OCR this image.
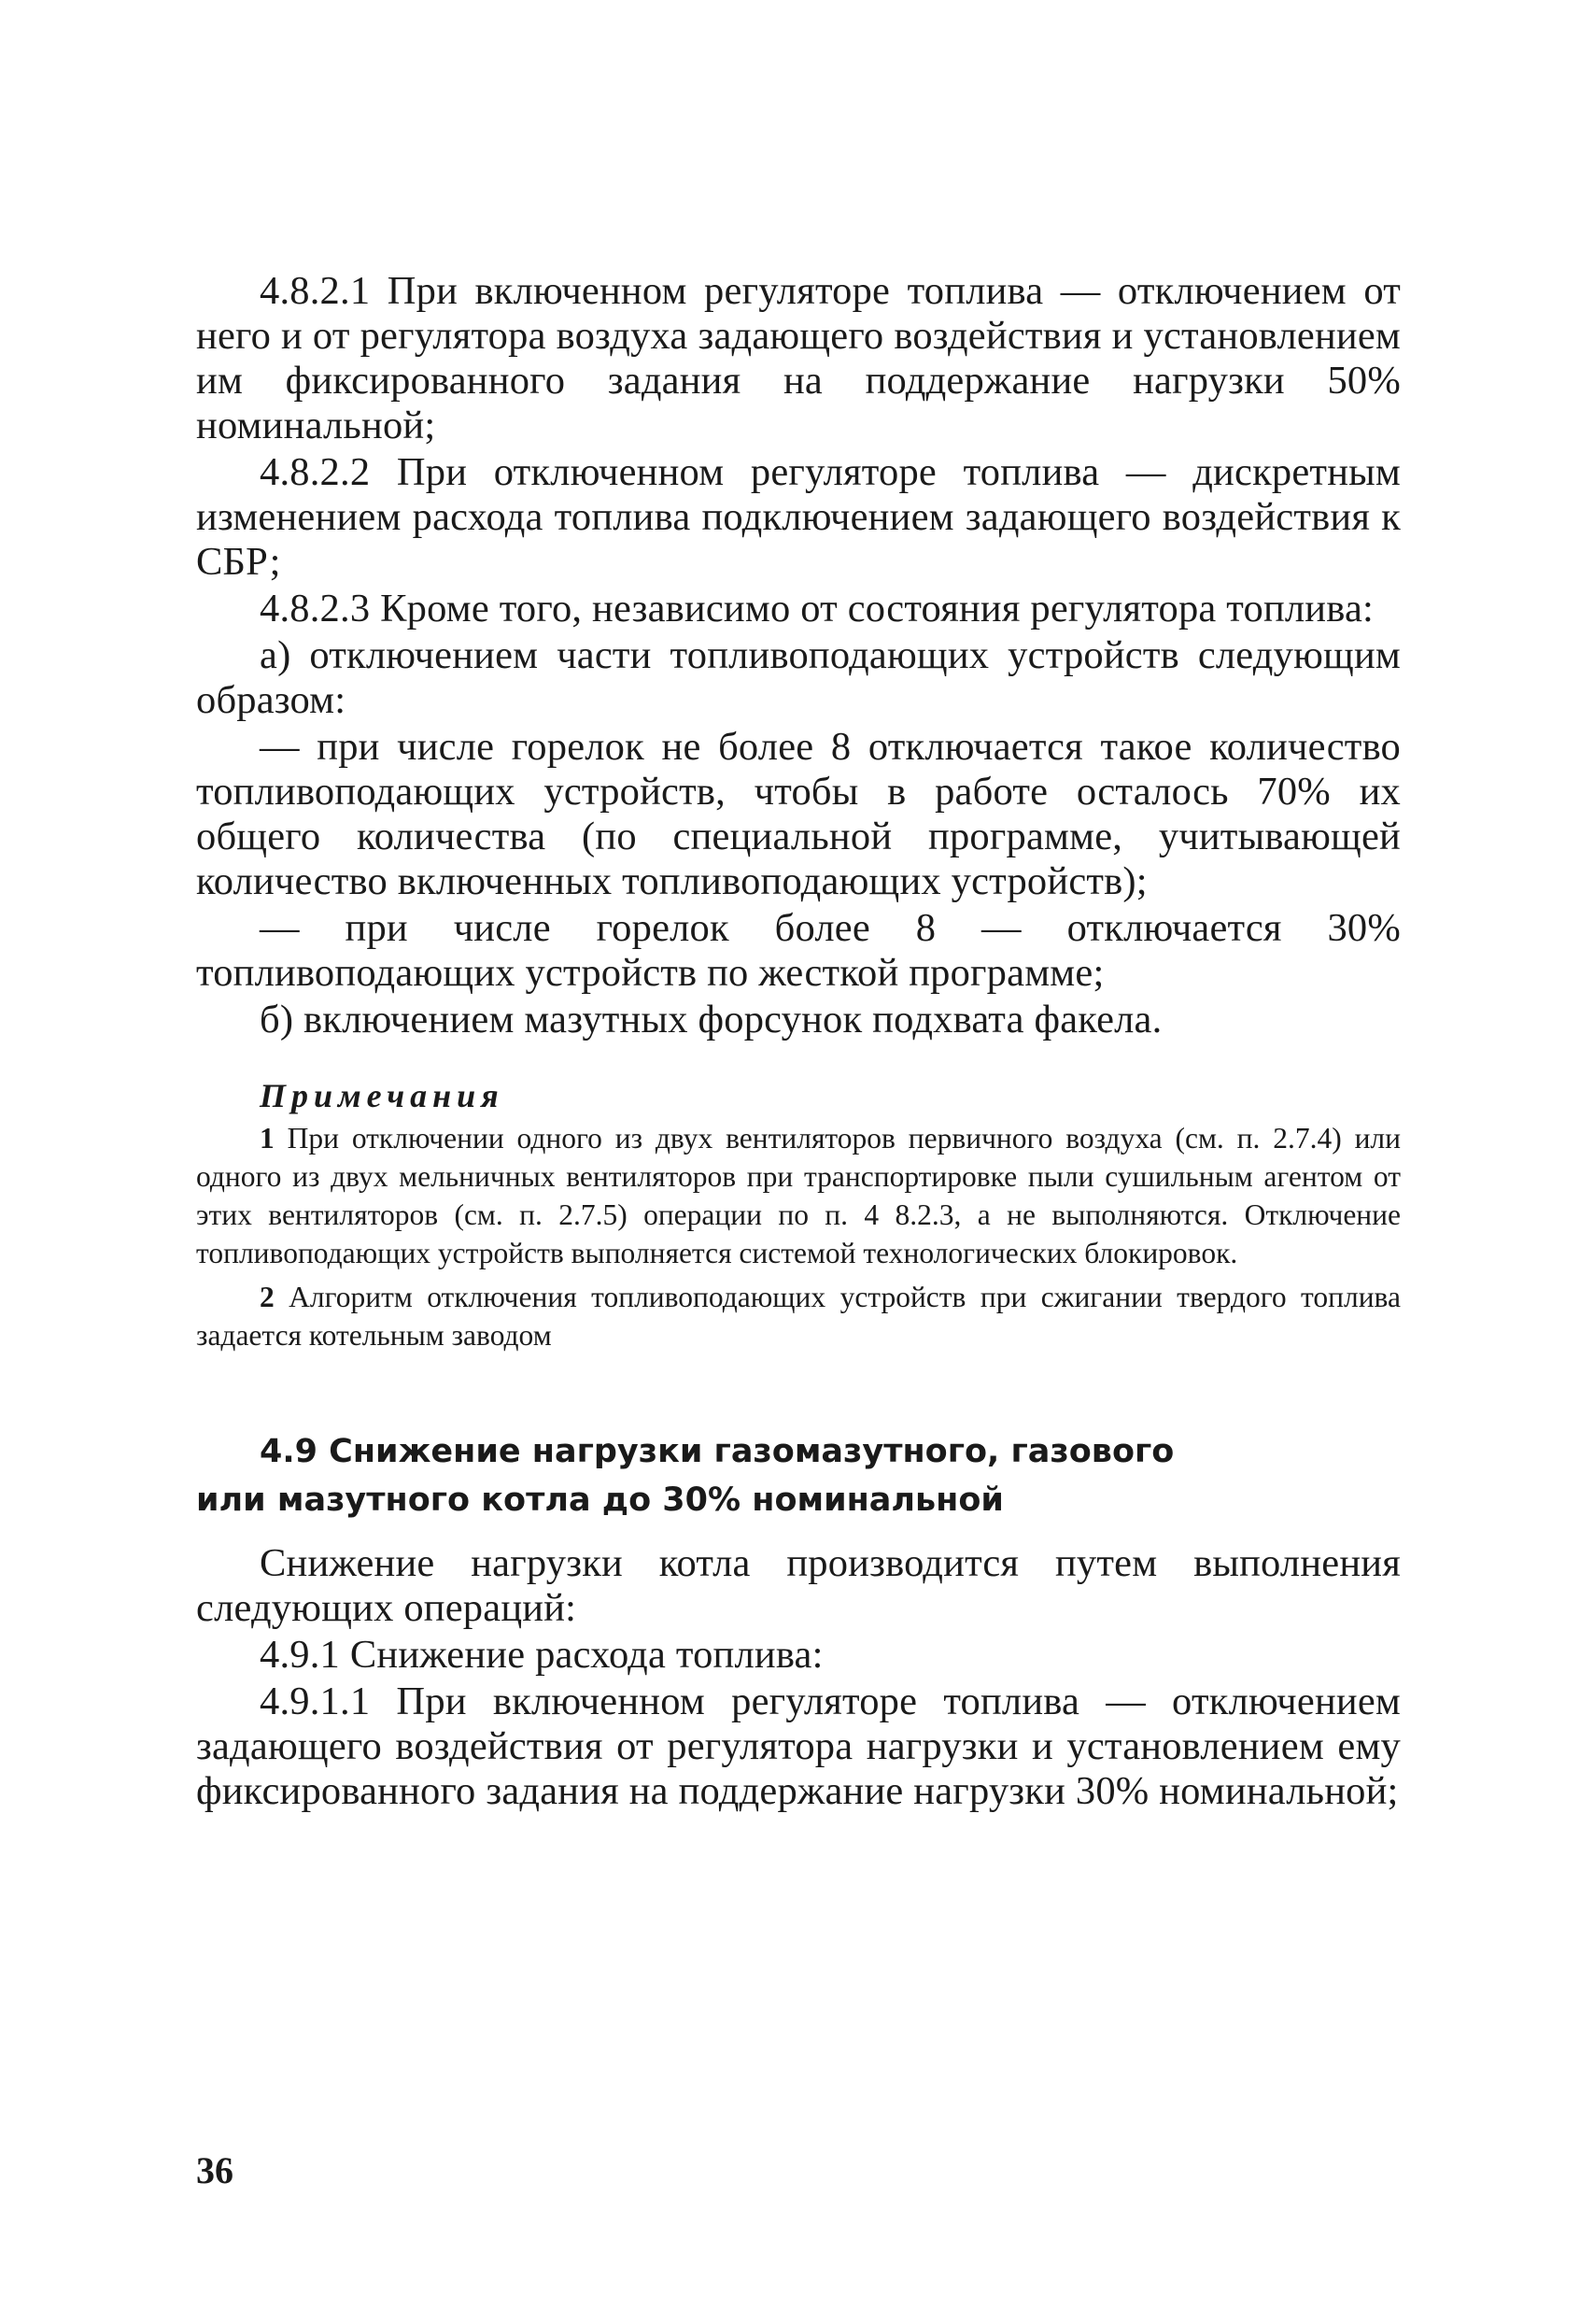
4.8.2.1 При включенном регуляторе топлива — отключением от него и от регулятора воздуха задающего воздействия и установлением им фиксированного задания на поддержание нагрузки 50% номинальной;

4.8.2.2 При отключенном регуляторе топлива — дискретным изменением расхода топлива подключением задающего воздействия к СБР;

4.8.2.3 Кроме того, независимо от состояния регулятора топлива:

а) отключением части топливоподающих устройств следующим образом:

— при числе горелок не более 8 отключается такое количество топливоподающих устройств, чтобы в работе осталось 70% их общего количества (по специальной программе, учитывающей количество включенных топливоподающих устройств);

— при числе горелок более 8 — отключается 30% топливоподающих устройств по жесткой программе;

б) включением мазутных форсунок подхвата факела.

Примечания

1 При отключении одного из двух вентиляторов первичного воздуха (см. п. 2.7.4) или одного из двух мельничных вентиляторов при транспортировке пыли сушильным агентом от этих вентиляторов (см. п. 2.7.5) операции по п. 4 8.2.3, а не выполняются. Отключение топливоподающих устройств выполняется системой технологических блокировок.

2 Алгоритм отключения топливоподающих устройств при сжигании твердого топлива задается котельным заводом

4.9 Снижение нагрузки газомазутного, газового
или мазутного котла до 30% номинальной

Снижение нагрузки котла производится путем выполнения следующих операций:

4.9.1 Снижение расхода топлива:

4.9.1.1 При включенном регуляторе топлива — отключением задающего воздействия от регулятора нагрузки и установлением ему фиксированного задания на поддержание нагрузки 30% номинальной;

36
